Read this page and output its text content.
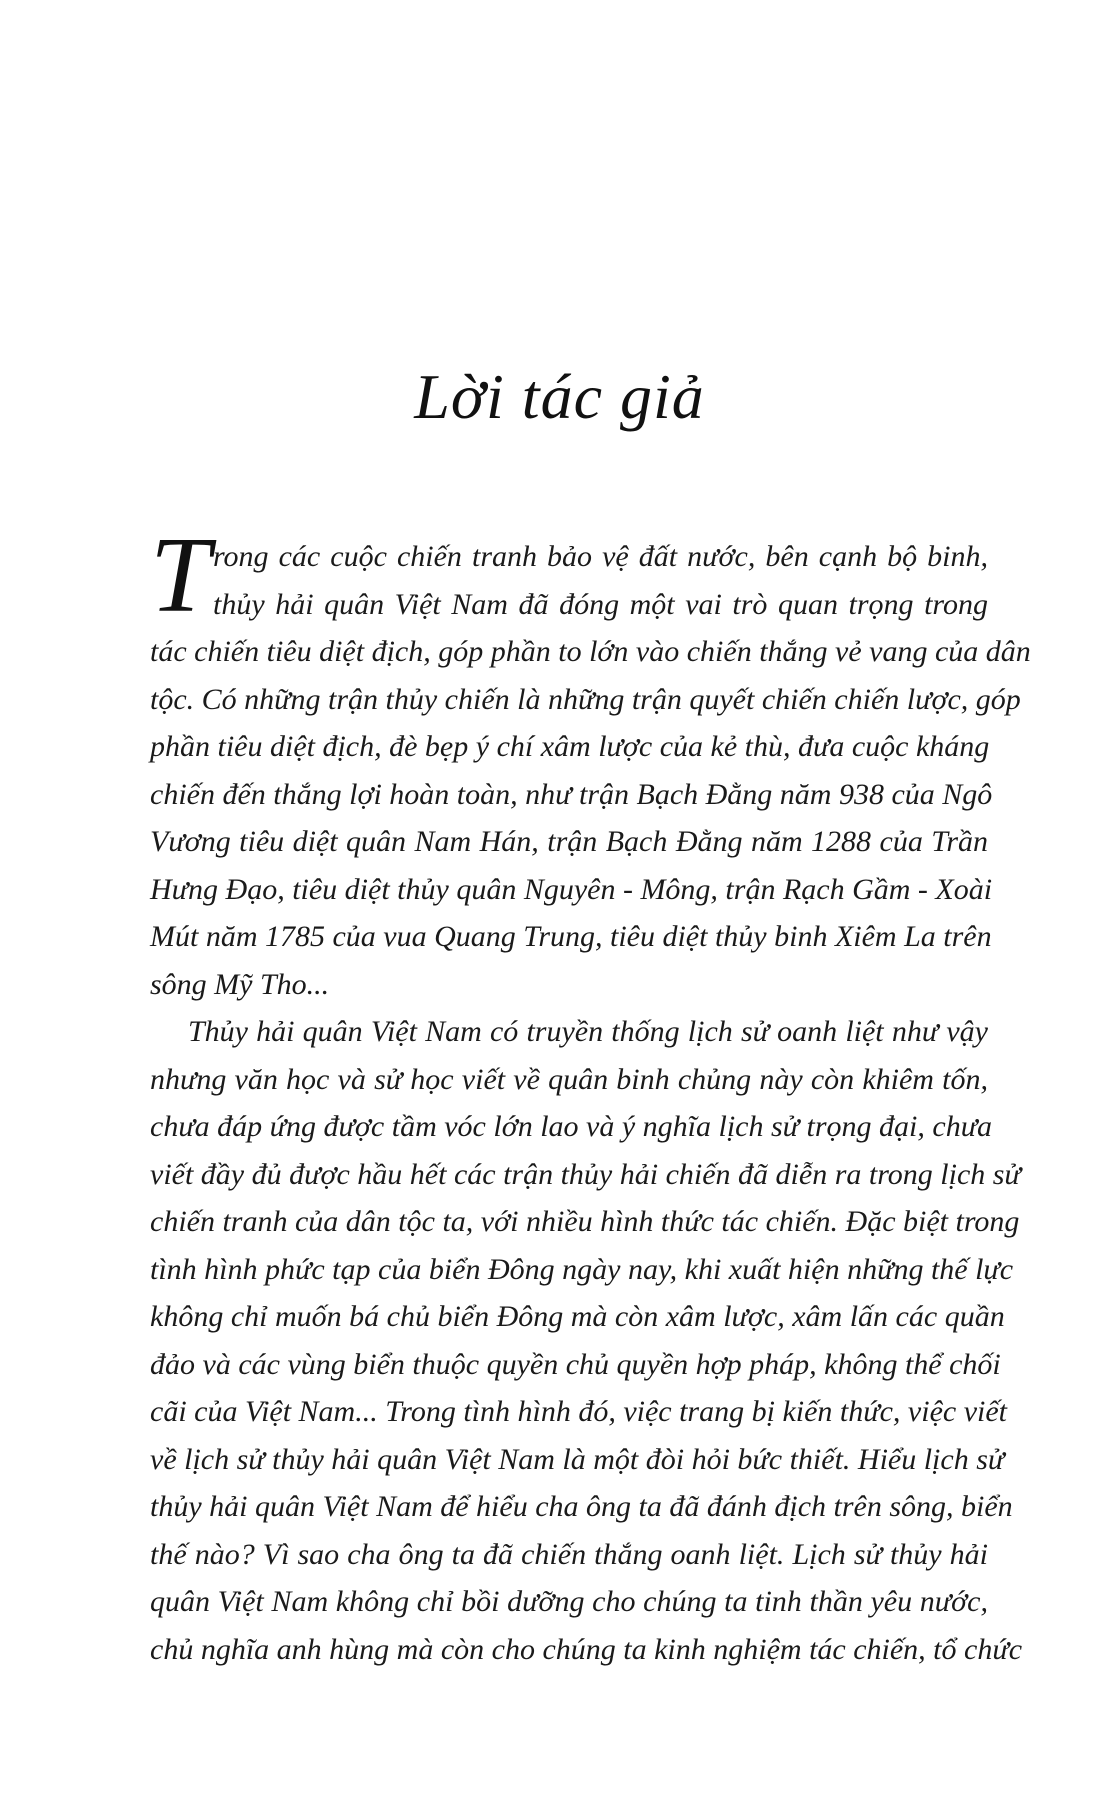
Lời tác giả
T rong các cuộc chiến tranh bảo vệ đất nước, bên cạnh bộ binh,
thủy hải quân Việt Nam đã đóng một vai trò quan trọng trong
tác chiến tiêu diệt địch, góp phần to lớn vào chiến thắng vẻ vang của dân
tộc. Có những trận thủy chiến là những trận quyết chiến chiến lược, góp
phần tiêu diệt địch, đè bẹp ý chí xâm lược của kẻ thù, đưa cuộc kháng
chiến đến thắng lợi hoàn toàn, như trận Bạch Đằng năm 938 của Ngô
Vương tiêu diệt quân Nam Hán, trận Bạch Đằng năm 1288 của Trần
Hưng Đạo, tiêu diệt thủy quân Nguyên - Mông, trận Rạch Gầm - Xoài
Mút năm 1785 của vua Quang Trung, tiêu diệt thủy binh Xiêm La trên
sông Mỹ Tho...
Thủy hải quân Việt Nam có truyền thống lịch sử oanh liệt như vậy
nhưng văn học và sử học viết về quân binh chủng này còn khiêm tốn,
chưa đáp ứng được tầm vóc lớn lao và ý nghĩa lịch sử trọng đại, chưa
viết đầy đủ được hầu hết các trận thủy hải chiến đã diễn ra trong lịch sử
chiến tranh của dân tộc ta, với nhiều hình thức tác chiến. Đặc biệt trong
tình hình phức tạp của biển Đông ngày nay, khi xuất hiện những thế lực
không chỉ muốn bá chủ biển Đông mà còn xâm lược, xâm lấn các quần
đảo và các vùng biển thuộc quyền chủ quyền hợp pháp, không thể chối
cãi của Việt Nam... Trong tình hình đó, việc trang bị kiến thức, việc viết
về lịch sử thủy hải quân Việt Nam là một đòi hỏi bức thiết. Hiểu lịch sử
thủy hải quân Việt Nam để hiểu cha ông ta đã đánh địch trên sông, biển
thế nào? Vì sao cha ông ta đã chiến thắng oanh liệt. Lịch sử thủy hải
quân Việt Nam không chỉ bồi dưỡng cho chúng ta tinh thần yêu nước,
chủ nghĩa anh hùng mà còn cho chúng ta kinh nghiệm tác chiến, tổ chức
